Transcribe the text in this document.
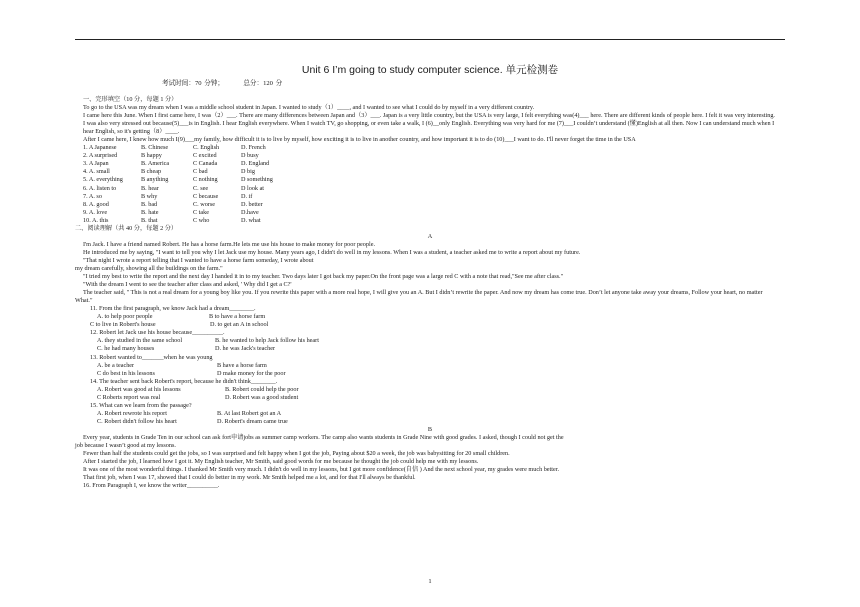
Unit 6 I’m going to study computer science. 单元检测卷
考试时间：70 分钟；	总分：120 分
一、完形填空（10 分，每题 1 分）
To go to the USA was my dream when I was a middle school student in Japan. I wanted to study（1）____, and I wanted to see what I could do by myself in a very different country.
I came here this June. When I first came here, I was（2）___. There are many differences between Japan and（3）___. Japan is a very little country, but the USA is very large, I felt everything was(4)___ here. There are different kinds of people here. I felt it was very interesting.
I was also very stressed out because(5)___is in English. I hear English everywhere. When I watch TV, go shopping, or even take a walk, I (6)__only English. Everything was very hard for me (7)___I couldn’t understand (懂)English at all then. Now I can understand much when I hear English, so it's getting（8）____.
After I came here, I knew how much I(9)___my family, how difficult it is to live by myself, how exciting it is to live in another country, and how important it is to do (10)___I want to do. I'll never forget the time in the USA
1. A Japanese	B. Chinese	C. English	D. French
2. A surprised	B happy	C excited	D busy
3. A Japan	B. America	C Canada	D. England
4. A. small	B cheap	C bad	D big
5. A. everything	B anything	C nothing	D something
6. A. listen to	B. hear	C. see	D look at
7. A. so	B why	C because	D. if
8. A. good	B. bad	C. worse	D. better
9. A. love	B. hate	C take	D.have
10. A. this	B. that	C who	D. what
二、阅读理解（共 40 分，每题 2 分）
A
I'm Jack. I have a friend named Robert. He has a horse farm.He lets me use his house to make money for poor people.
He introduced me by saying, "I want to tell you why I let Jack use my house. Many years ago, I didn't do well in my lessons. When I was a student, a teacher asked me to write a report about my future.
"That night I wrote a report telling that I wanted to have a horse farm someday, I wrote about
my dream carefully, showing all the buildings on the farm."
"I tried my best to write the report and the next day I handed it in to my teacher. Two days later I got back my paper.On the front page was a large red C with a note that read,"See me after class."
"With the dream I went to see the teacher after class and asked, ' Why did I get a C?'
The teacher said, " This is not a real dream for a young boy like you. If you rewrite this paper with a more real hope, I will give you an A. But I didn’t rewrite the paper. And now my dream has come true. Don’t let anyone take away your dreams, Follow your heart, no matter
What."
11. From the first paragraph, we know Jack had a dream________.
A. to help poor people	B to have a horse farm
C to live in Robert's house	D. to get an A in school
12. Robert let Jack use his house because__________.
A. they studied in the same school	B. he wanted to help Jack follow his heart
C. he had many houses	D. he was Jack's teacher
13. Robert wanted to_______when he was young
A. be a teacher	B have a horse farm
C do best in his lessons	D make money for the poor
14. The teacher sent back Robert's report, because he didn't think________.
A. Robert was good at his lessons	B. Robert could help the poor
C Roberts report was real	D. Robert was a good student
15. What can we learn from the passage?
A. Robert rewrote his report	B. At last Robert got an A
C. Robert didn't follow his heart	D. Robert's dream came true
B
Every year, students in Grade Ten in our school can ask fort申请jobs as summer camp workers. The camp also wants students in Grade Nine with good grades. I asked, though I could not get the
job because I wasn’t good at my lessons.
Fewer than half the students could get the jobs, so I was surprised and felt happy when I got the job, Paying about $20 a week, the job was babysitting for 20 small children.
After I started the job, I learned how I got it. My English teacher, Mr Smith, said good words for me because he thought the job could help me with my lessons.
It was one of the most wonderful things. I thanked Mr Smith very much. I didn't do well in my lessons, but I got more confidence(自信 ) And the next school year, my grades were much better.
That first job, when I was 17, showed that I could do better in my work. Mr Smith helped me a lot, and for that I'll always be thankful.
16. From Paragraph I, we know the writer__________.
1
